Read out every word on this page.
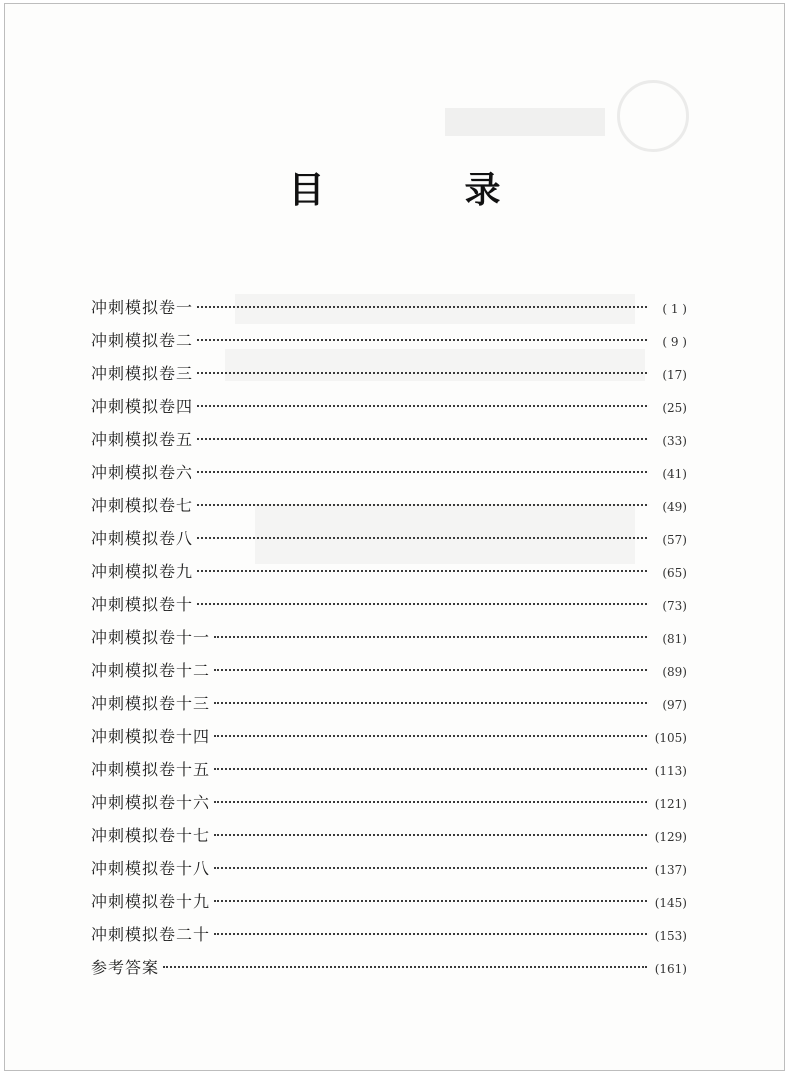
目　录
冲刺模拟卷一	( 1 )
冲刺模拟卷二	( 9 )
冲刺模拟卷三	(17)
冲刺模拟卷四	(25)
冲刺模拟卷五	(33)
冲刺模拟卷六	(41)
冲刺模拟卷七	(49)
冲刺模拟卷八	(57)
冲刺模拟卷九	(65)
冲刺模拟卷十	(73)
冲刺模拟卷十一	(81)
冲刺模拟卷十二	(89)
冲刺模拟卷十三	(97)
冲刺模拟卷十四	(105)
冲刺模拟卷十五	(113)
冲刺模拟卷十六	(121)
冲刺模拟卷十七	(129)
冲刺模拟卷十八	(137)
冲刺模拟卷十九	(145)
冲刺模拟卷二十	(153)
参考答案	(161)
